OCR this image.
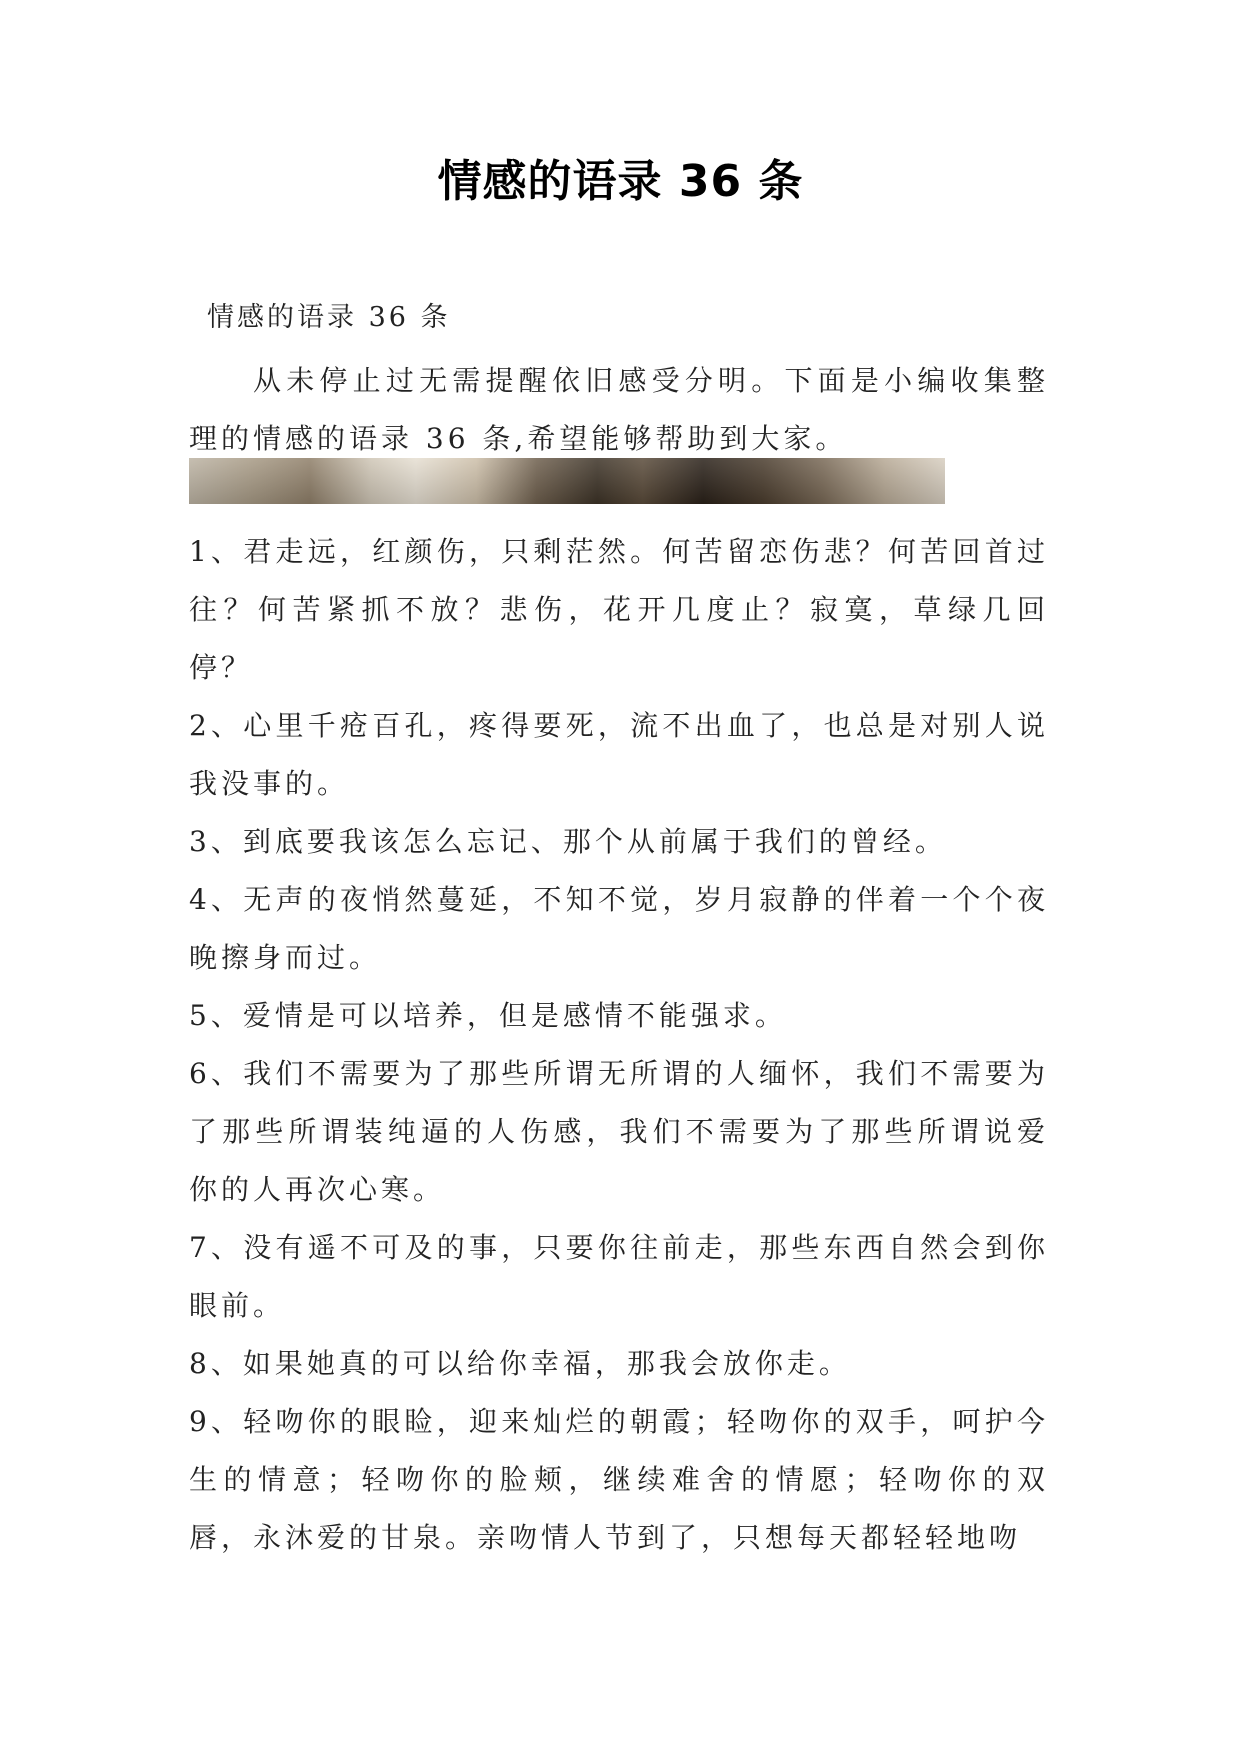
情感的语录 36 条
情感的语录 36 条
从未停止过无需提醒依旧感受分明。下面是小编收集整理的情感的语录 36 条,希望能够帮助到大家。

1、君走远，红颜伤，只剩茫然。何苦留恋伤悲？何苦回首过往？何苦紧抓不放？悲伤，花开几度止？寂寞，草绿几回停？

2、心里千疮百孔，疼得要死，流不出血了，也总是对别人说我没事的。

3、到底要我该怎么忘记、那个从前属于我们的曾经。

4、无声的夜悄然蔓延，不知不觉，岁月寂静的伴着一个个夜晚擦身而过。

5、爱情是可以培养，但是感情不能强求。

6、我们不需要为了那些所谓无所谓的人缅怀，我们不需要为了那些所谓装纯逼的人伤感，我们不需要为了那些所谓说爱你的人再次心寒。

7、没有遥不可及的事，只要你往前走，那些东西自然会到你眼前。

8、如果她真的可以给你幸福，那我会放你走。

9、轻吻你的眼睑，迎来灿烂的朝霞；轻吻你的双手，呵护今生的情意；轻吻你的脸颊，继续难舍的情愿；轻吻你的双唇，永沐爱的甘泉。亲吻情人节到了，只想每天都轻轻地吻
